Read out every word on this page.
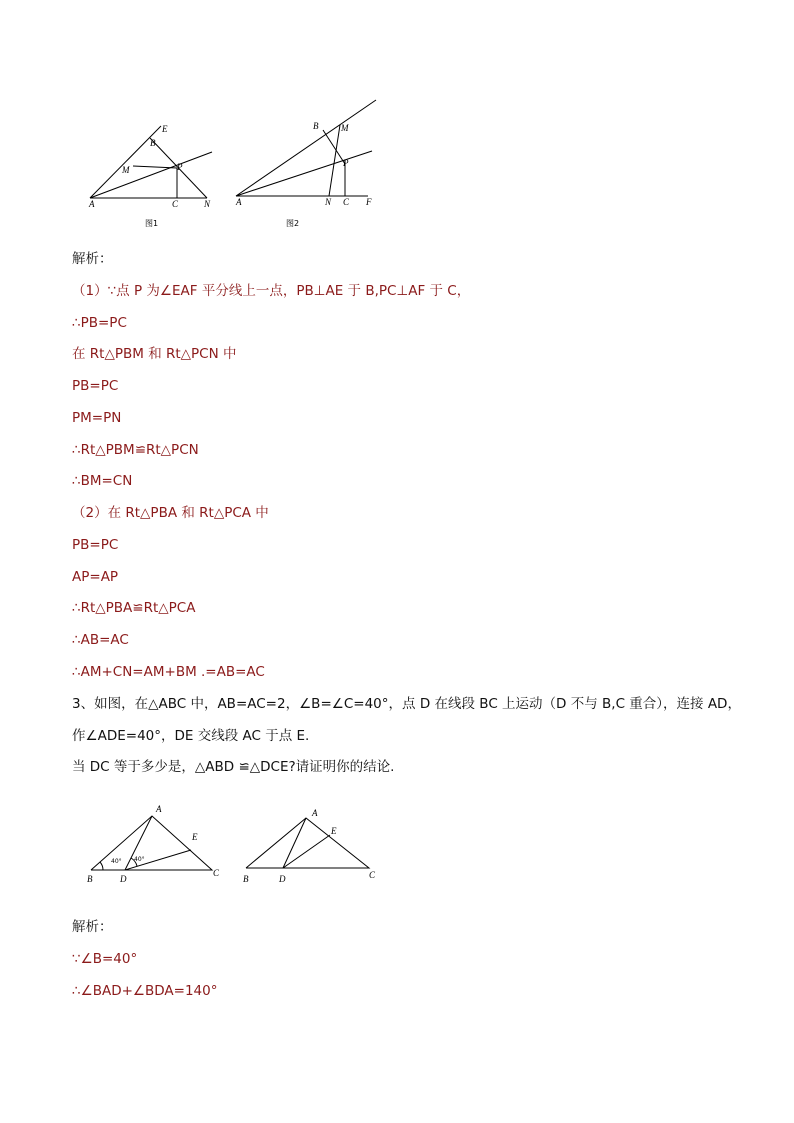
E
B
M	P
A	C	N
图1
B	M
P
A	N C F
图2
解析：
（1）∵点 P 为∠EAF 平分线上一点，PB⊥AE 于 B,PC⊥AF 于 C，
∴PB=PC
在 Rt△PBM 和 Rt△PCN 中
PB=PC
PM=PN
∴Rt△PBM≌Rt△PCN
∴BM=CN
（2）在 Rt△PBA 和 Rt△PCA 中
PB=PC
AP=AP
∴Rt△PBA≌Rt△PCA
∴AB=AC
∴AM+CN=AM+BM .=AB=AC
3、如图，在△ABC 中，AB=AC=2，∠B=∠C=40°，点 D 在线段 BC 上运动（D 不与 B,C 重合），连接 AD，
作∠ADE=40°，DE 交线段 AC 于点 E.
当 DC 等于多少是，△ABD ≌△DCE?请证明你的结论.
A
E
B	D
C
40° 40°
A
E
B	D	C
解析：
∵∠B=40°
∴∠BAD+∠BDA=140°
